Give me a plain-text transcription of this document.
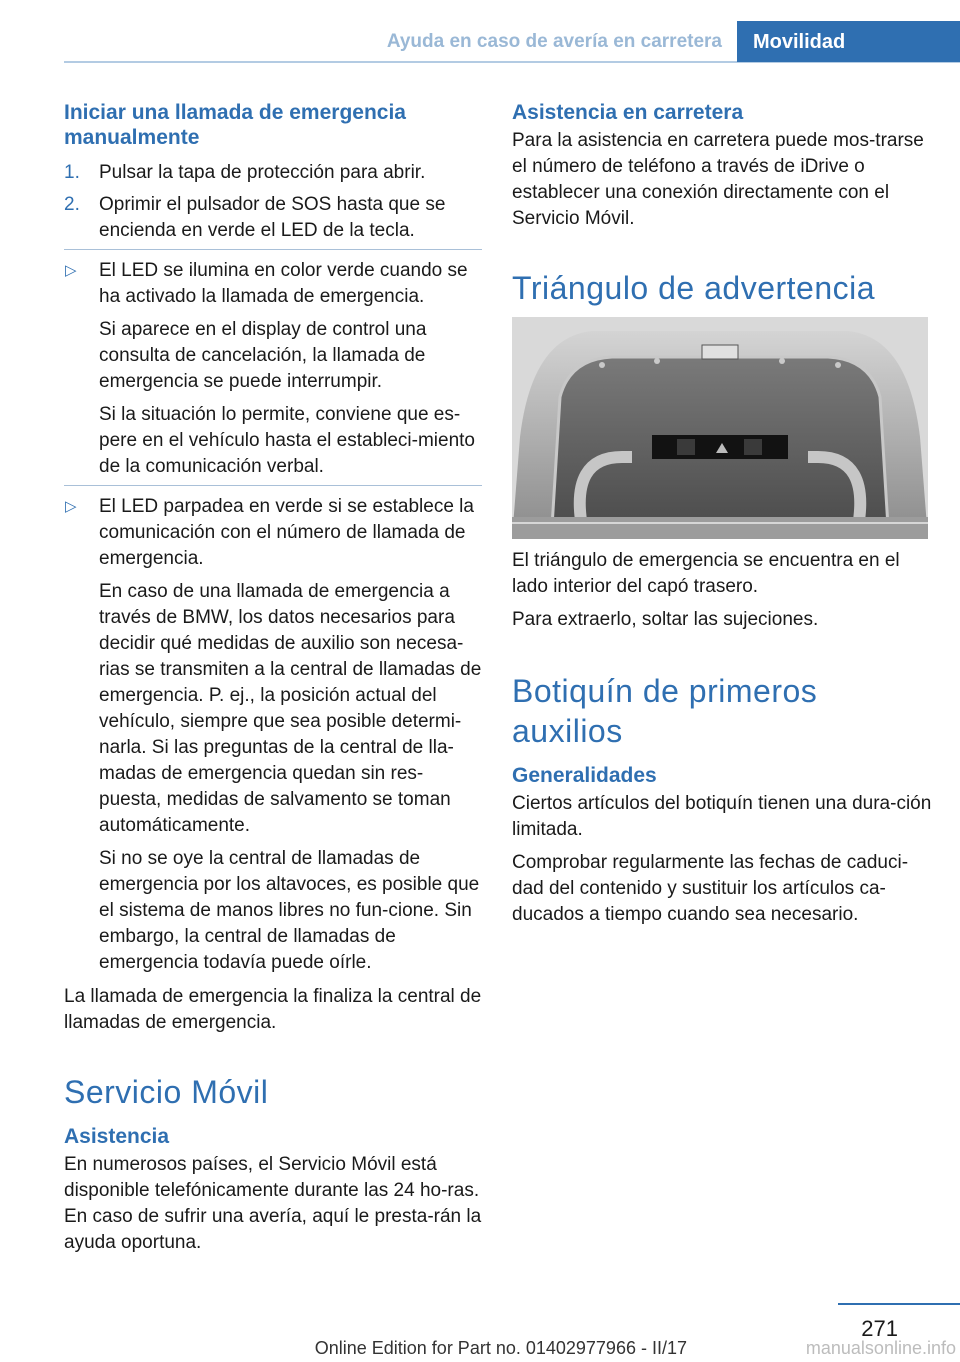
Ayuda en caso de avería en carretera	Movilidad
Iniciar una llamada de emergencia manualmente
1. Pulsar la tapa de protección para abrir.
2. Oprimir el pulsador de SOS hasta que se encienda en verde el LED de la tecla.
▷ El LED se ilumina en color verde cuando se ha activado la llamada de emergencia.

Si aparece en el display de control una consulta de cancelación, la llamada de emergencia se puede interrumpir.

Si la situación lo permite, conviene que es-pere en el vehículo hasta el estableci-miento de la comunicación verbal.

▷ El LED parpadea en verde si se establece la comunicación con el número de llamada de emergencia.

En caso de una llamada de emergencia a través de BMW, los datos necesarios para decidir qué medidas de auxilio son necesa-rias se transmiten a la central de llamadas de emergencia. P. ej., la posición actual del vehículo, siempre que sea posible determi-narla. Si las preguntas de la central de lla-madas de emergencia quedan sin res-puesta, medidas de salvamento se toman automáticamente.

Si no se oye la central de llamadas de emergencia por los altavoces, es posible que el sistema de manos libres no fun-cione. Sin embargo, la central de llamadas de emergencia todavía puede oírle.

La llamada de emergencia la finaliza la central de llamadas de emergencia.

Servicio Móvil
Asistencia

En numerosos países, el Servicio Móvil está disponible telefónicamente durante las 24 ho-ras. En caso de sufrir una avería, aquí le presta-rán la ayuda oportuna.

Asistencia en carretera

Para la asistencia en carretera puede mos-trarse el número de teléfono a través de iDrive o establecer una conexión directamente con el Servicio Móvil.

Triángulo de advertencia

El triángulo de emergencia se encuentra en el lado interior del capó trasero.

Para extraerlo, soltar las sujeciones.

Botiquín de primeros auxilios
Generalidades

Ciertos artículos del botiquín tienen una dura-ción limitada.

Comprobar regularmente las fechas de caduci-dad del contenido y sustituir los artículos ca-ducados a tiempo cuando sea necesario.

271
Online Edition for Part no. 01402977966 - II/17	manualsonline.info
